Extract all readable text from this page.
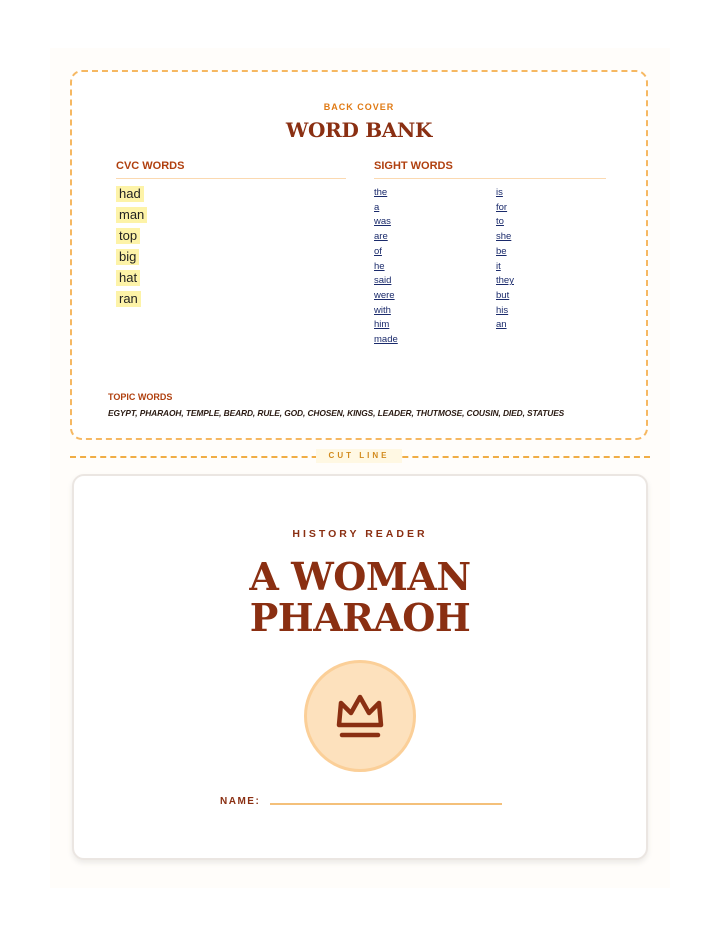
BACK COVER
WORD BANK
CVC WORDS
had
man
top
big
hat
ran
SIGHT WORDS
the
a
was
are
of
he
said
were
with
him
made
is
for
to
she
be
it
they
but
his
an
TOPIC WORDS
EGYPT, PHARAOH, TEMPLE, BEARD, RULE, GOD, CHOSEN, KINGS, LEADER, THUTMOSE, COUSIN, DIED, STATUES
CUT LINE
HISTORY READER
A WOMAN
PHARAOH
NAME:
